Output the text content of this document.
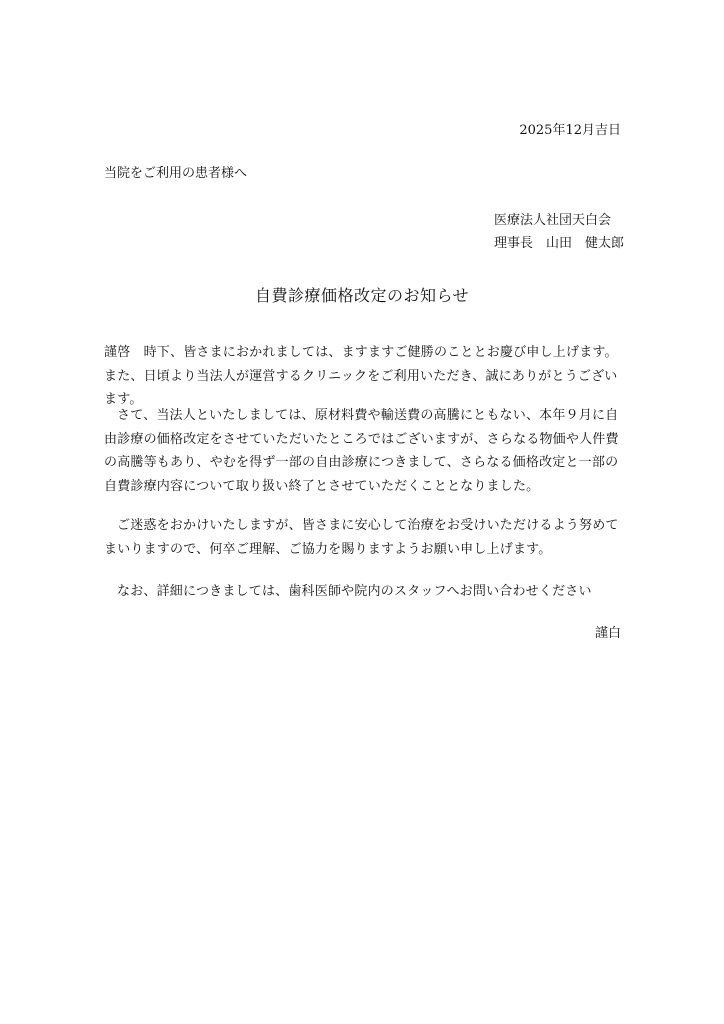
2025年12月吉日
当院をご利用の患者様へ
医療法人社団天白会
理事長　山田　健太郎
自費診療価格改定のお知らせ

謹啓　時下、皆さまにおかれましては、ますますご健勝のこととお慶び申し上げます。また、日頃より当法人が運営するクリニックをご利用いただき、誠にありがとうございます。

さて、当法人といたしましては、原材料費や輸送費の高騰にともない、本年９月に自由診療の価格改定をさせていただいたところではございますが、さらなる物価や人件費の高騰等もあり、やむを得ず一部の自由診療につきまして、さらなる価格改定と一部の自費診療内容について取り扱い終了とさせていただくこととなりました。

ご迷惑をおかけいたしますが、皆さまに安心して治療をお受けいただけるよう努めてまいりますので、何卒ご理解、ご協力を賜りますようお願い申し上げます。

なお、詳細につきましては、歯科医師や院内のスタッフへお問い合わせください

謹白
